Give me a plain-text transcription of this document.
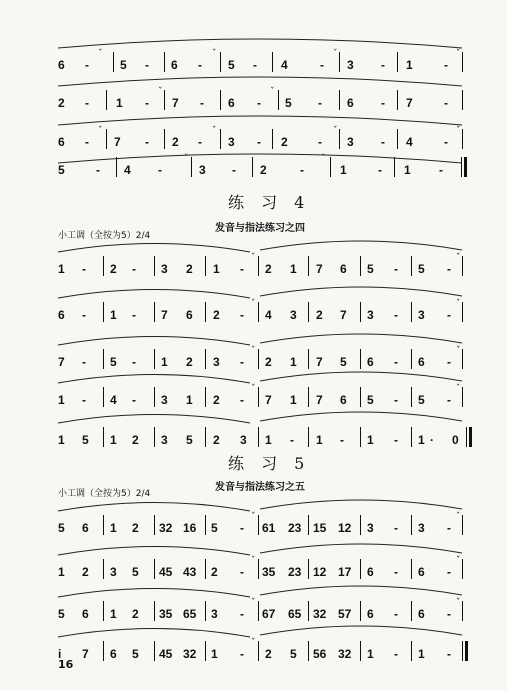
6 -
ˇ
5 - 6 -
ˇ
5 - 4	-
ˇ
3 - 1	-
ˇ
2 - 1 -
ˇ
7 - 6 -
ˇ
5 - 6 - 7	-
6 -
ˇ
7 - 2 -
ˇ
3 - 2	-
ˇ
3 - 4	-
ˇ
5	- 4 -
ˇ
3 - 2	-
ˇ
1	- 1 -
练 习 4
小工调（全按为5）2/4
发音与指法练习之四
1 - 2 - 3 2 1 -
ˇ
2 1 7 6 5 - 5 -
ˇ
6 - 1 - 7 6 2 -
ˇ
4 3 2 7 3 - 3 -
ˇ
7 - 5 - 1 2 3 -
ˇ
2 1 7 5 6 - 6 -
ˇ
1 - 4 - 3 1 2 -
ˇ
7 1 7 6 5 - 5 -
ˇ
1 5 1 2 3 5 2 3 1 - 1 - 1 - 1 · 0
练 习 5
小工调（全按为5）2/4
发音与指法练习之五
5 6 1 2 32 16 5 -
ˇ
61 23 15 12 3 - 3 -
ˇ
1 2 3 5 45 43 2 -
ˇ
35 23 12 17 6 - 6 -
ˇ
5 6 1 2 35 65 3 -
ˇ
67 65 32 57 6 - 6 -
ˇ
i 7 6 5 45 32 1 -
ˇ
2 5 56 32 1 - 1 -
16
